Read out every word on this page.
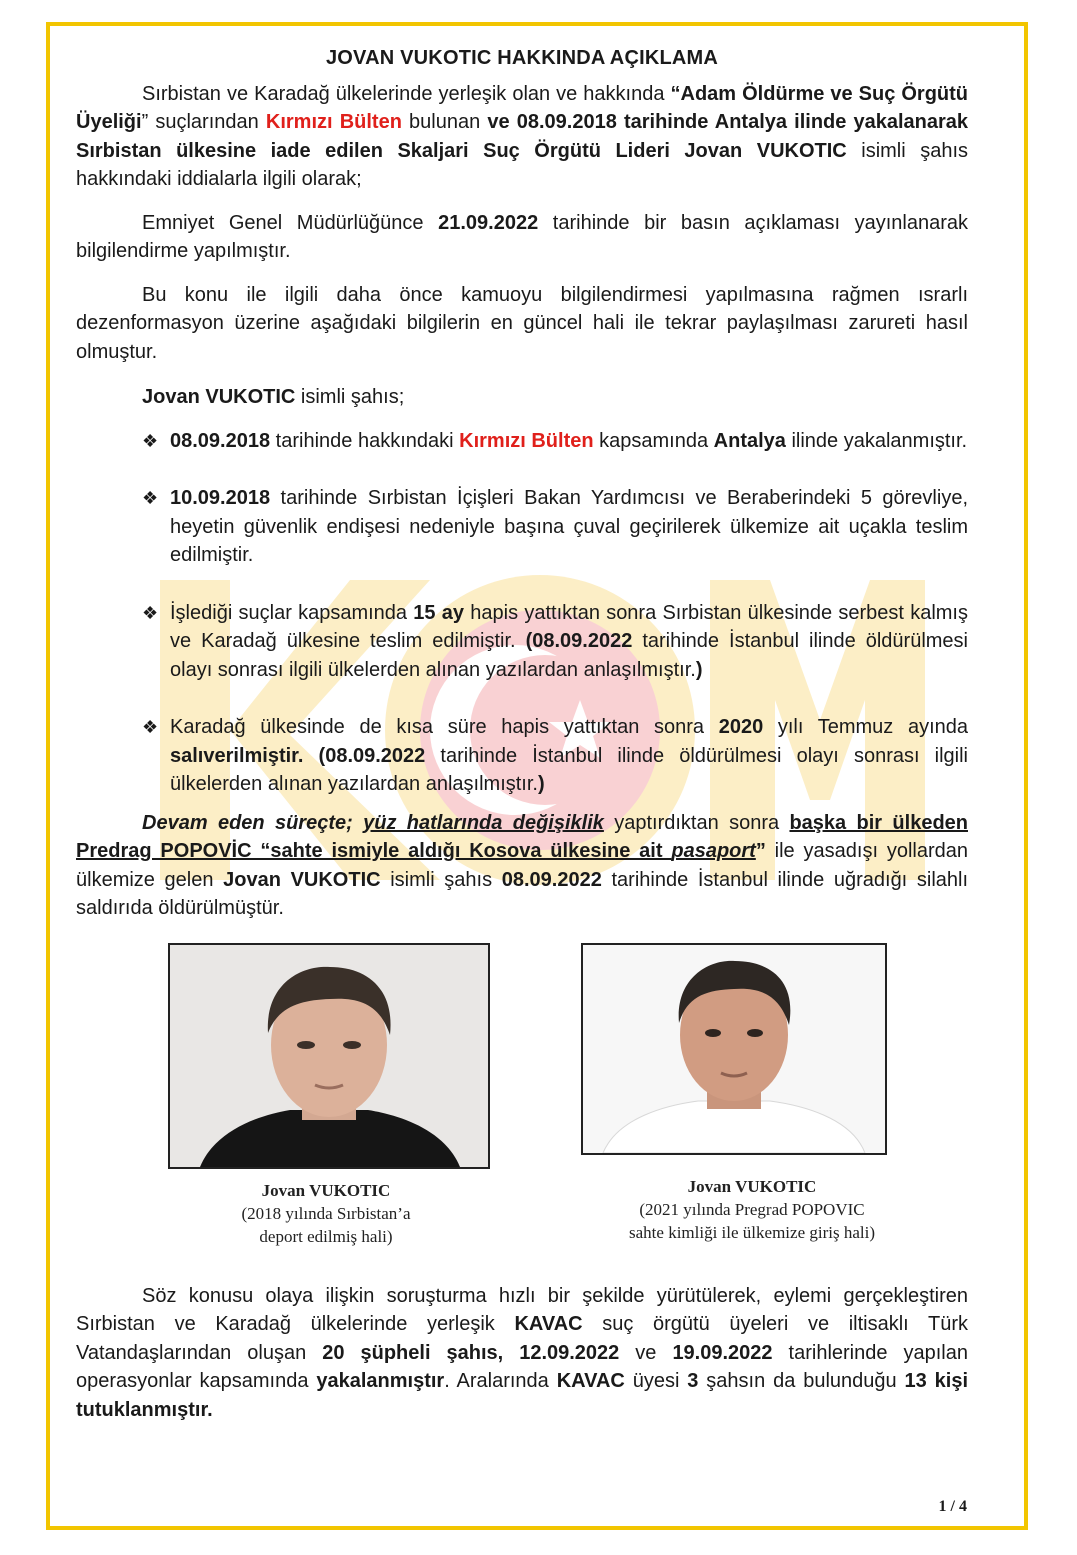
JOVAN VUKOTIC HAKKINDA AÇIKLAMA

Sırbistan ve Karadağ ülkelerinde yerleşik olan ve hakkında “Adam Öldürme ve Suç Örgütü Üyeliği” suçlarından Kırmızı Bülten bulunan ve 08.09.2018 tarihinde Antalya ilinde yakalanarak Sırbistan ülkesine iade edilen Skaljari Suç Örgütü Lideri Jovan VUKOTIC isimli şahıs hakkındaki iddialarla ilgili olarak;

Emniyet Genel Müdürlüğünce 21.09.2022 tarihinde bir basın açıklaması yayınlanarak bilgilendirme yapılmıştır.

Bu konu ile ilgili daha önce kamuoyu bilgilendirmesi yapılmasına rağmen ısrarlı dezenformasyon üzerine aşağıdaki bilgilerin en güncel hali ile tekrar paylaşılması zarureti hasıl olmuştur.

Jovan VUKOTIC isimli şahıs;

❖ 08.09.2018 tarihinde hakkındaki Kırmızı Bülten kapsamında Antalya ilinde yakalanmıştır.

❖ 10.09.2018 tarihinde Sırbistan İçişleri Bakan Yardımcısı ve Beraberindeki 5 görevliye, heyetin güvenlik endişesi nedeniyle başına çuval geçirilerek ülkemize ait uçakla teslim edilmiştir.

❖ İşlediği suçlar kapsamında 15 ay hapis yattıktan sonra Sırbistan ülkesinde serbest kalmış ve Karadağ ülkesine teslim edilmiştir. (08.09.2022 tarihinde İstanbul ilinde öldürülmesi olayı sonrası ilgili ülkelerden alınan yazılardan anlaşılmıştır.)

❖ Karadağ ülkesinde de kısa süre hapis yattıktan sonra 2020 yılı Temmuz ayında salıverilmiştir. (08.09.2022 tarihinde İstanbul ilinde öldürülmesi olayı sonrası ilgili ülkelerden alınan yazılardan anlaşılmıştır.)

Devam eden süreçte; yüz hatlarında değişiklik yaptırdıktan sonra başka bir ülkeden Predrag POPOVİC “sahte ismiyle aldığı Kosova ülkesine ait pasaport” ile yasadışı yollardan ülkemize gelen Jovan VUKOTIC isimli şahıs 08.09.2022 tarihinde İstanbul ilinde uğradığı silahlı saldırıda öldürülmüştür.

Jovan VUKOTIC
(2018 yılında Sırbistan’a
deport edilmiş hali)
Jovan VUKOTIC
(2021 yılında Pregrad POPOVIC
sahte kimliği ile ülkemize giriş hali)

Söz konusu olaya ilişkin soruşturma hızlı bir şekilde yürütülerek, eylemi gerçekleştiren Sırbistan ve Karadağ ülkelerinde yerleşik KAVAC suç örgütü üyeleri ve iltisaklı Türk Vatandaşlarından oluşan 20 şüpheli şahıs, 12.09.2022 ve 19.09.2022 tarihlerinde yapılan operasyonlar kapsamında yakalanmıştır. Aralarında KAVAC üyesi 3 şahsın da bulunduğu 13 kişi tutuklanmıştır.

1 / 4
